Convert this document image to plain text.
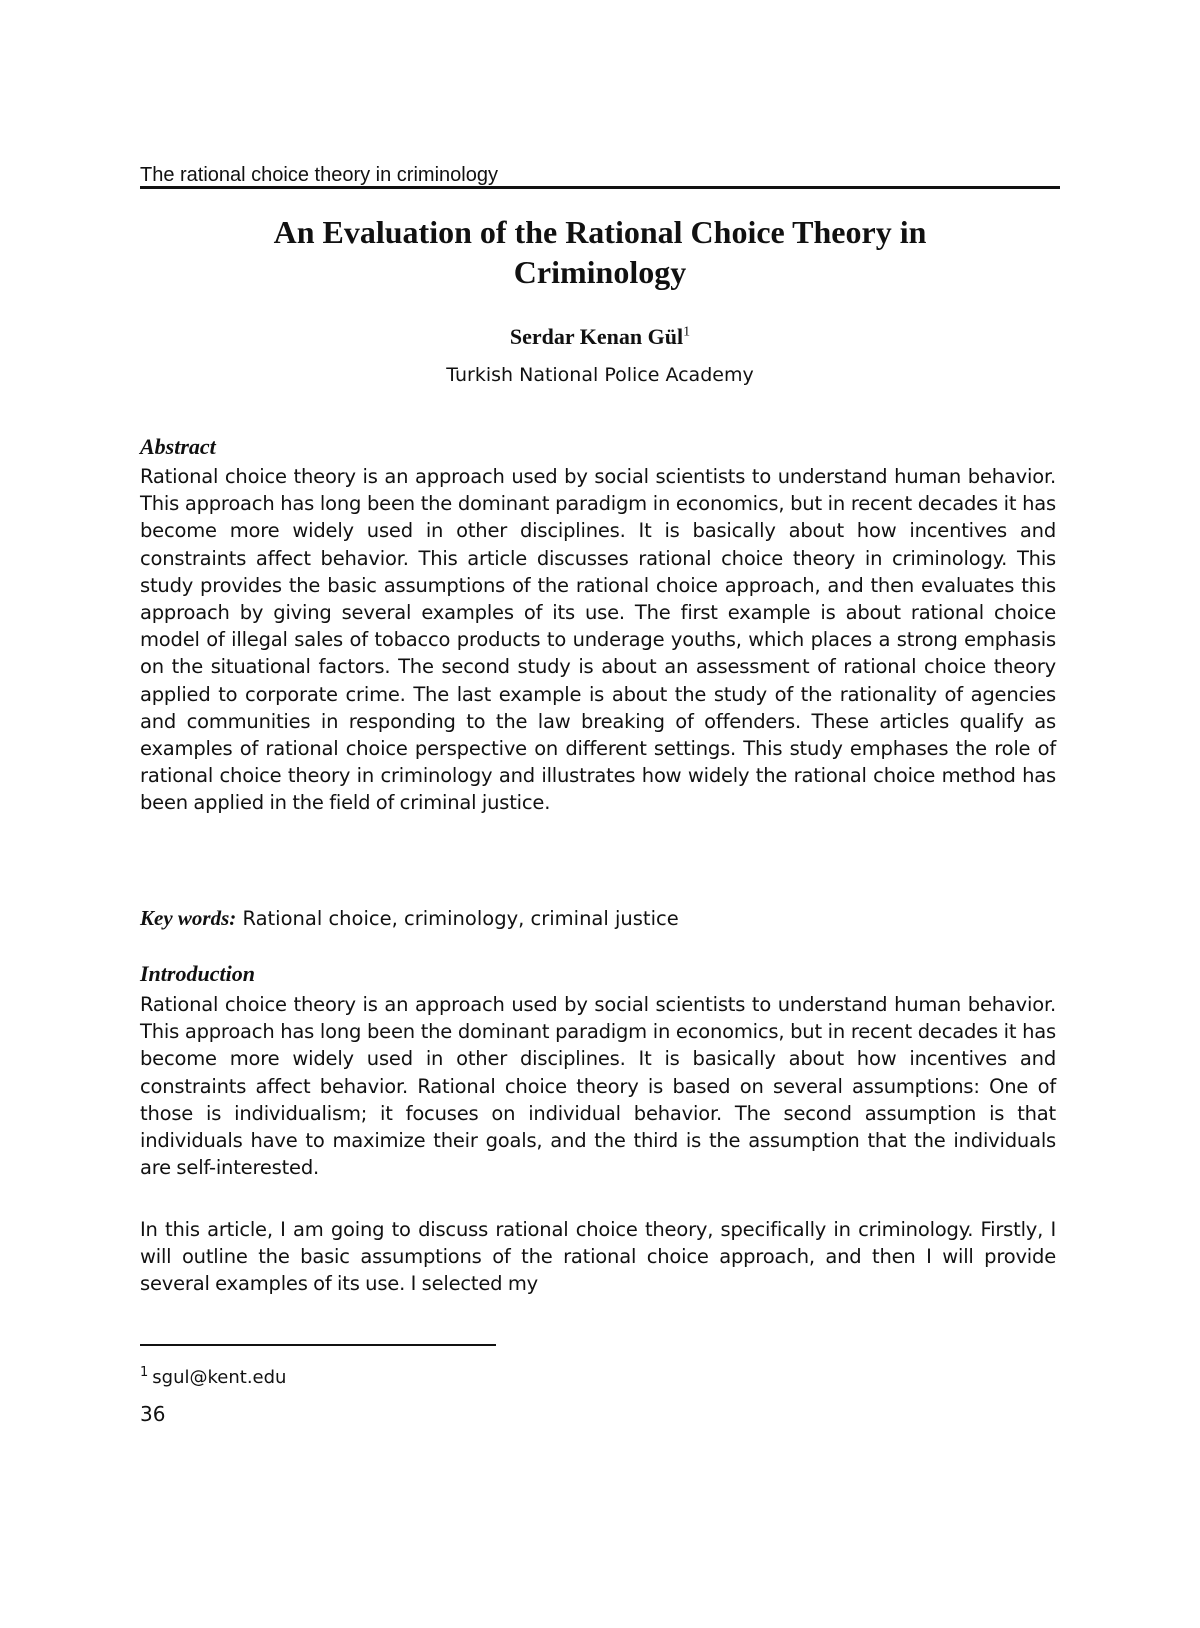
The rational choice theory in criminology
An Evaluation of the Rational Choice Theory in
Criminology
Serdar Kenan Gül$^1$
Turkish National Police Academy
Abstract
Rational choice theory is an approach used by social scientists to understand human behavior. This approach has long been the dominant paradigm in economics, but in recent decades it has become more widely used in other disciplines. It is basically about how incentives and constraints affect behavior. This article discusses rational choice theory in criminology. This study provides the basic assumptions of the rational choice approach, and then evaluates this approach by giving several examples of its use. The first example is about rational choice model of illegal sales of tobacco products to underage youths, which places a strong emphasis on the situational factors. The second study is about an assessment of rational choice theory applied to corporate crime. The last example is about the study of the rationality of agencies and communities in responding to the law breaking of offenders. These articles qualify as examples of rational choice perspective on different settings. This study emphases the role of rational choice theory in criminology and illustrates how widely the rational choice method has been applied in the field of criminal justice.
Key words: Rational choice, criminology, criminal justice
Introduction
Rational choice theory is an approach used by social scientists to understand human behavior. This approach has long been the dominant paradigm in economics, but in recent decades it has become more widely used in other disciplines. It is basically about how incentives and constraints affect behavior. Rational choice theory is based on several assumptions: One of those is individualism; it focuses on individual behavior. The second assumption is that individuals have to maximize their goals, and the third is the assumption that the individuals are self-interested.
In this article, I am going to discuss rational choice theory, specifically in criminology. Firstly, I will outline the basic assumptions of the rational choice approach, and then I will provide several examples of its use. I selected my
$^1$ sgul@kent.edu
36
